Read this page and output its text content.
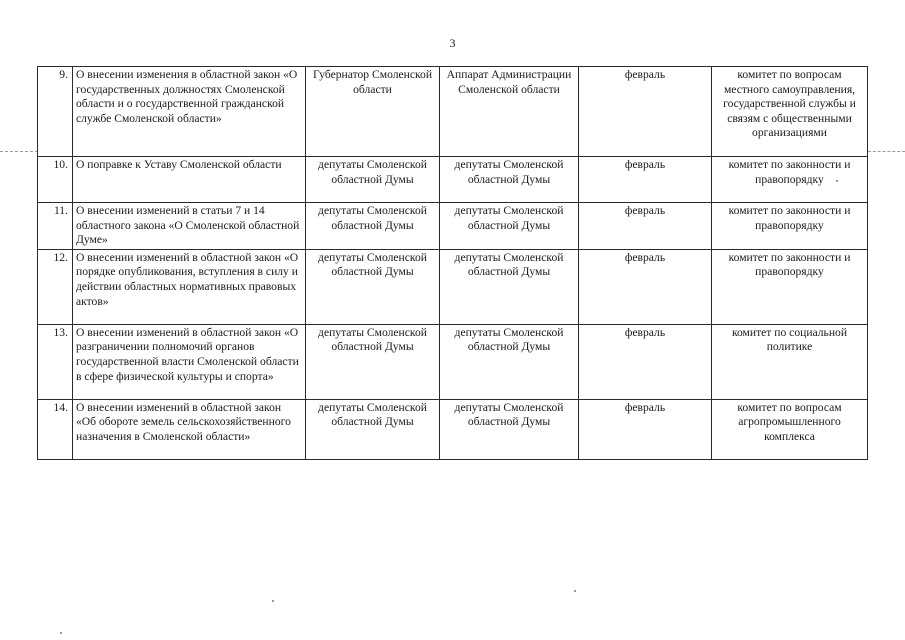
3
9.	О внесении изменения в областной закон «О государственных должностях Смоленской области и о государственной гражданской службе Смоленской области»	Губернатор Смоленской области	Аппарат Администрации Смоленской области	февраль	комитет по вопросам местного самоуправления, государственной службы и связям с общественными организациями
10.	О поправке к Уставу Смоленской области	депутаты Смоленской областной Думы	депутаты Смоленской областной Думы	февраль	комитет по законности и правопорядку
11.	О внесении изменений в статьи 7 и 14 областного закона «О Смоленской областной Думе»	депутаты Смоленской областной Думы	депутаты Смоленской областной Думы	февраль	комитет по законности и правопорядку
12.	О внесении изменений в областной закон «О порядке опубликования, вступления в силу и действии областных нормативных правовых актов»	депутаты Смоленской областной Думы	депутаты Смоленской областной Думы	февраль	комитет по законности и правопорядку
13.	О внесении изменений в областной закон «О разграничении полномочий органов государственной власти Смоленской области в сфере физической культуры и спорта»	депутаты Смоленской областной Думы	депутаты Смоленской областной Думы	февраль	комитет по социальной политике
14.	О внесении изменений в областной закон «Об обороте земель сельскохозяйственного назначения в Смоленской области»	депутаты Смоленской областной Думы	депутаты Смоленской областной Думы	февраль	комитет по вопросам агропромышленного комплекса
